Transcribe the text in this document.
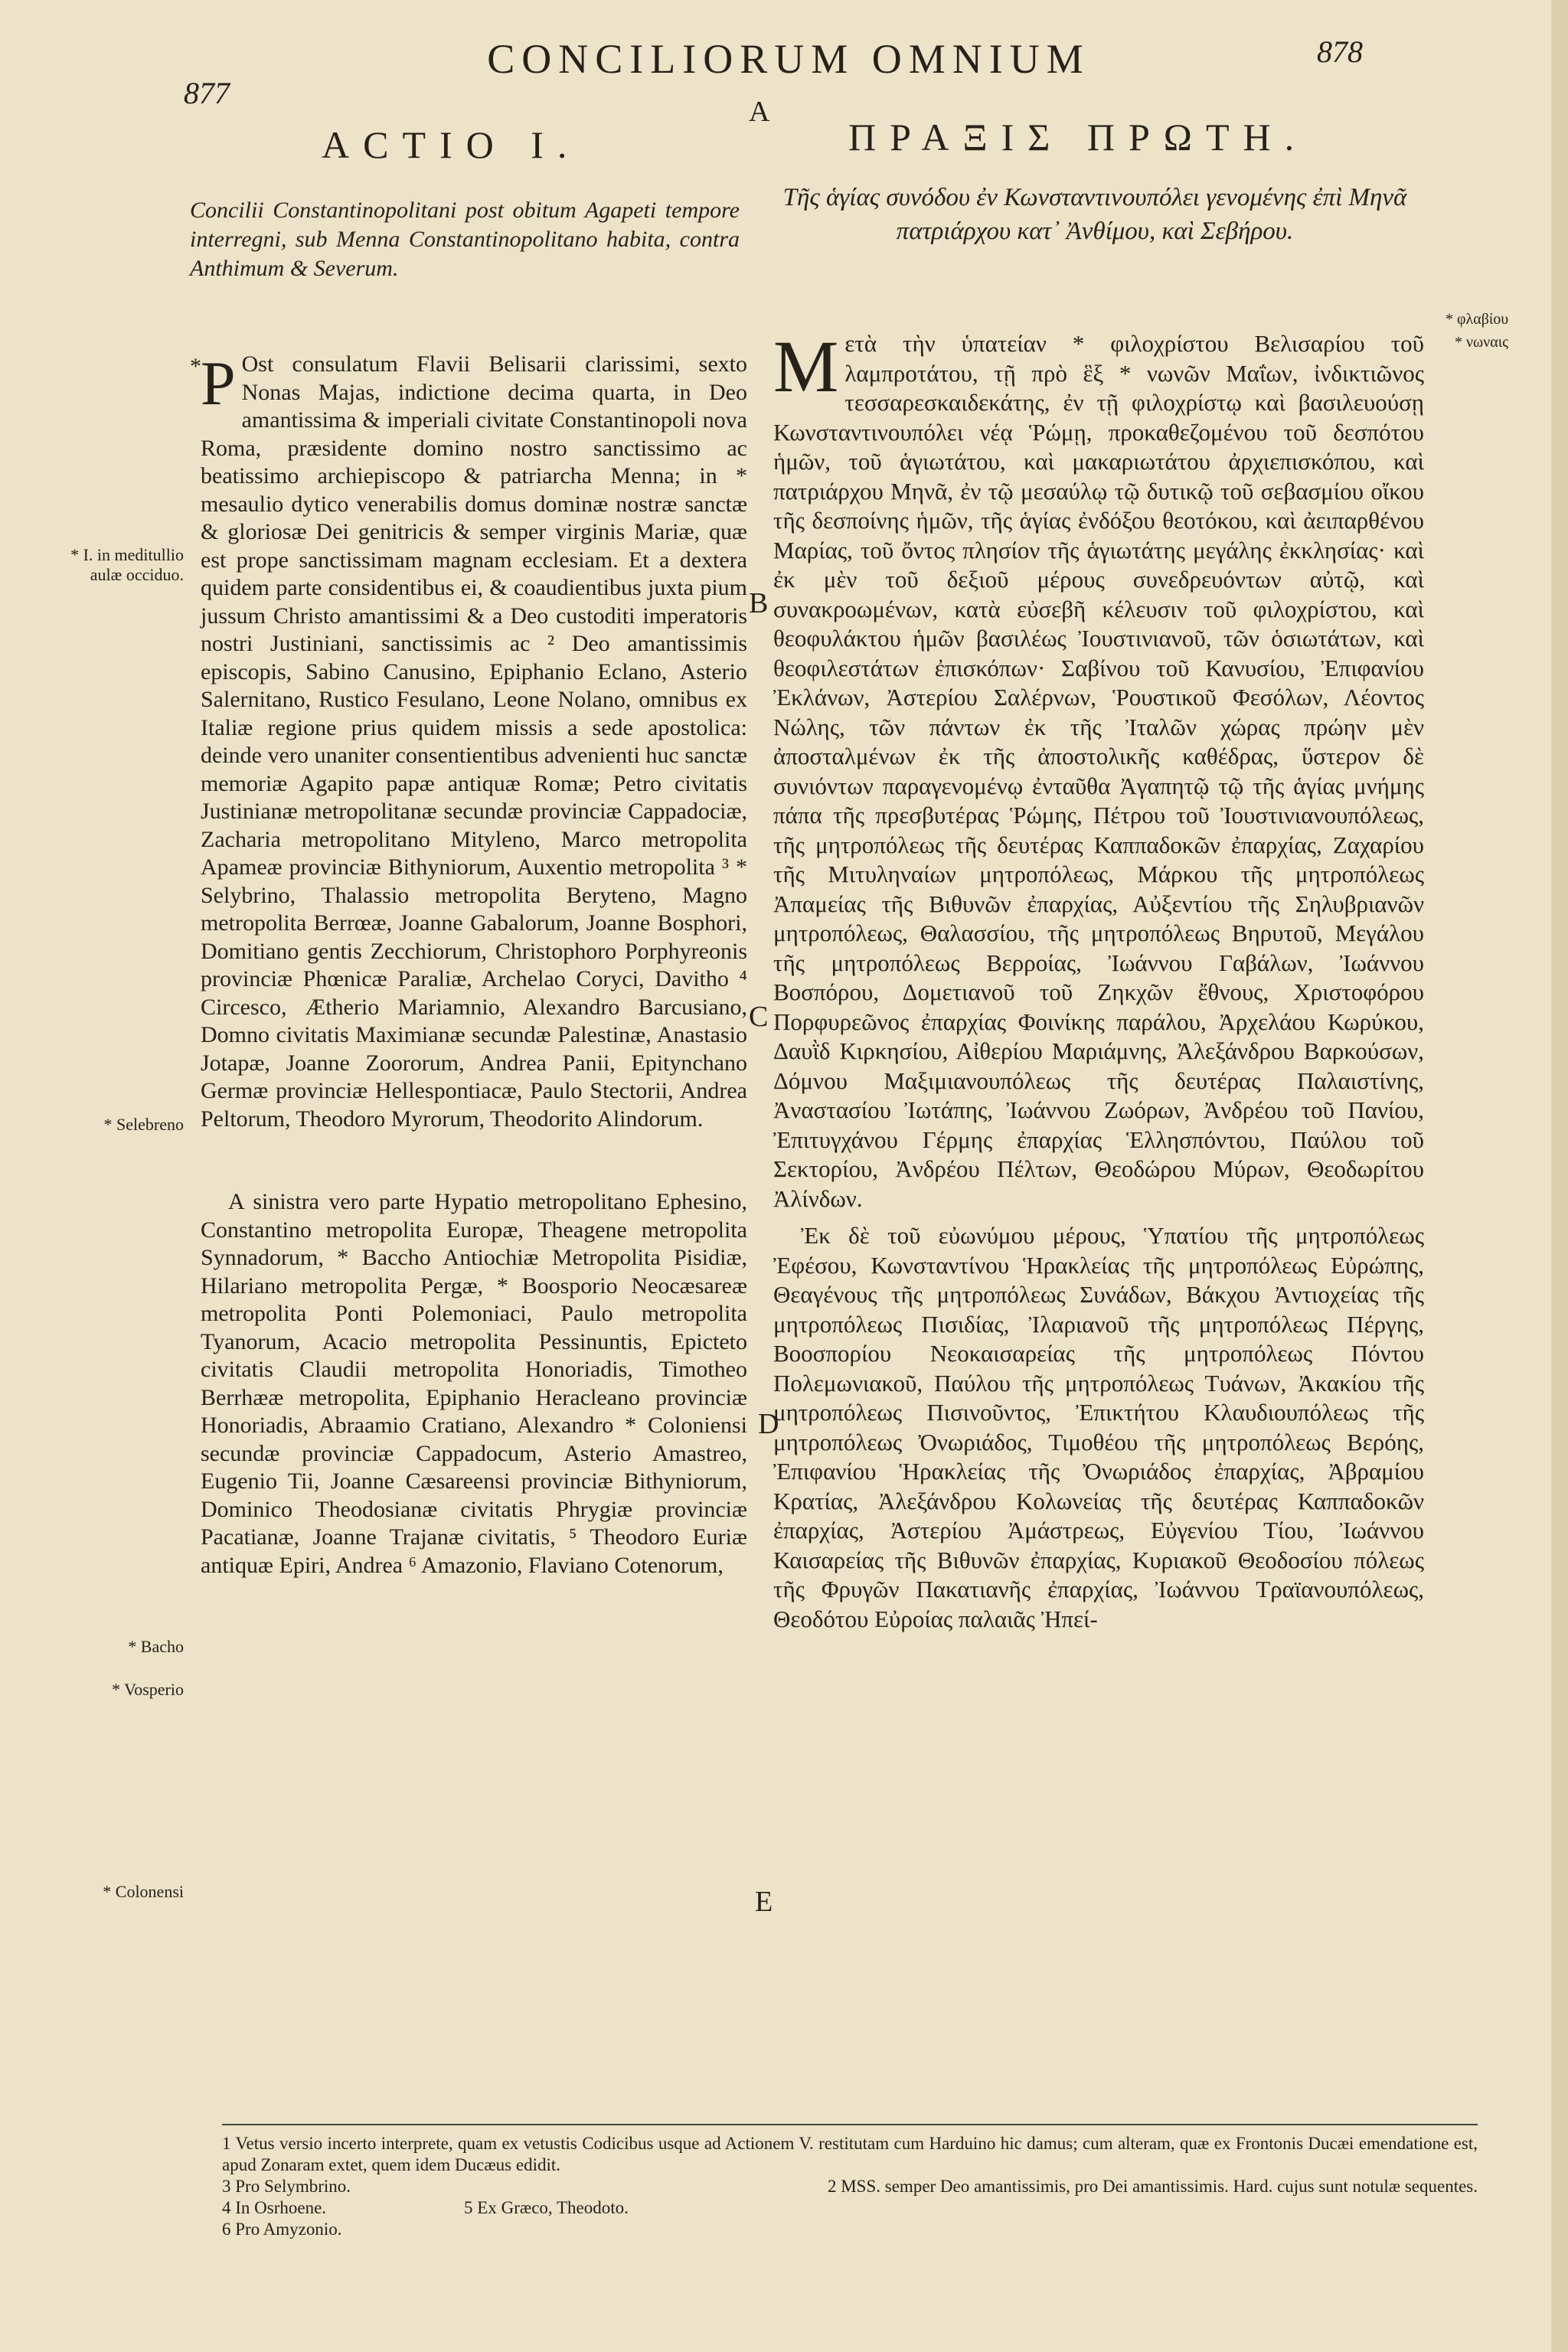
877
CONCILIORUM OMNIUM	878
A
ACTIO I.	ΠΡΑΞΙΣ ΠΡΩΤΗ.
Concilii Constantinopolitani post obitum Agapeti tempore interregni, sub Menna Constantinopolitano habita, contra Anthimum & Severum.
Τῆς ἁγίας συνόδου ἐν Κωνσταντινουπόλει γενομένης ἐπὶ Μηνᾶ πατριάρχου κατ᾽ Ἀνθίμου, καὶ Σεβήρου.
* P Ost consulatum Flavii Belisarii clarissimi, sexto Nonas Majas, indictione decima quarta, in Deo amantissima & imperiali civitate Constantinopoli nova Roma, præsidente domino nostro sanctissimo ac beatissimo archiepiscopo & patriarcha Menna; in * mesaulio dytico venerabilis domus dominæ nostræ sanctæ & gloriosæ Dei genitricis & semper virginis Mariæ, quæ est prope sanctissimam magnam ecclesiam. Et a dextera quidem parte considentibus ei, & coaudientibus juxta pium jussum Christo amantissimi & a Deo custoditi imperatoris nostri Justiniani, sanctissimis ac ² Deo amantissimis episcopis, Sabino Canusino, Epiphanio Eclano, Asterio Salernitano, Rustico Fesulano, Leone Nolano, omnibus ex Italiæ regione prius quidem missis a sede apostolica: deinde vero unaniter consentientibus advenienti huc sanctæ memoriæ Agapito papæ antiquæ Romæ; Petro civitatis Justinianæ metropolitanæ secundæ provinciæ Cappadociæ, Zacharia metropolitano Mityleno, Marco metropolita Apameæ provinciæ Bithyniorum, Auxentio metropolita ³ * Selybrino, Thalassio metropolita Beryteno, Magno metropolita Berrœæ, Joanne Gabalorum, Joanne Bosphori, Domitiano gentis Zecchiorum, Christophoro Porphyreonis provinciæ Phœnicæ Paraliæ, Archelao Coryci, Davitho ⁴ Circesco, Ætherio Mariamnio, Alexandro Barcusiano, Domno civitatis Maximianæ secundæ Palestinæ, Anastasio Jotapæ, Joanne Zoororum, Andrea Panii, Epitynchano Germæ provinciæ Hellespontiacæ, Paulo Stectorii, Andrea Peltorum, Theodoro Myrorum, Theodorito Alindorum.

A sinistra vero parte Hypatio metropolitano Ephesino, Constantino metropolita Europæ, Theagene metropolita Synnadorum, * Baccho Antiochiæ Metropolita Pisidiæ, Hilariano metropolita Pergæ, * Boosporio Neocæsareæ metropolita Ponti Polemoniaci, Paulo metropolita Tyanorum, Acacio metropolita Pessinuntis, Epicteto civitatis Claudii metropolita Honoriadis, Timotheo Berrhææ metropolita, Epiphanio Heracleano provinciæ Honoriadis, Abraamio Cratiano, Alexandro * Coloniensi secundæ provinciæ Cappadocum, Asterio Amastreo, Eugenio Tii, Joanne Cæsareensi provinciæ Bithyniorum, Dominico Theodosianæ civitatis Phrygiæ provinciæ Pacatianæ, Joanne Trajanæ civitatis, ⁵ Theodoro Euriæ antiquæ Epiri, Andrea ⁶ Amazonio, Flaviano Cotenorum,

Μετὰ τὴν ὑπατείαν * φιλοχρίστου Βελισαρίου τοῦ λαμπροτάτου, τῇ πρὸ ἓξ * νωνῶν Μαΐων, ἰνδικτιῶνος τεσσαρεσκαιδεκάτης, ἐν τῇ φιλοχρίστῳ καὶ βασιλευούσῃ Κωνσταντινουπόλει νέᾳ Ῥώμῃ, προκαθεζομένου τοῦ δεσπότου ἡμῶν, τοῦ ἁγιωτάτου, καὶ μακαριωτάτου ἀρχιεπισκόπου, καὶ πατριάρχου Μηνᾶ, ἐν τῷ μεσαύλῳ τῷ δυτικῷ τοῦ σεβασμίου οἴκου τῆς δεσποίνης ἡμῶν, τῆς ἁγίας ἐνδόξου θεοτόκου, καὶ ἀειπαρθένου Μαρίας, τοῦ ὄντος πλησίον τῆς ἁγιωτάτης μεγάλης ἐκκλησίας· καὶ ἐκ μὲν τοῦ δεξιοῦ μέρους συνεδρευόντων αὐτῷ, καὶ συνακροωμένων, κατὰ εὐσεβῆ κέλευσιν τοῦ φιλοχρίστου, καὶ θεοφυλάκτου ἡμῶν βασιλέως Ἰουστινιανοῦ, τῶν ὁσιωτάτων, καὶ θεοφιλεστάτων ἐπισκόπων· Σαβίνου τοῦ Κανυσίου, Ἐπιφανίου Ἐκλάνων, Ἀστερίου Σαλέρνων, Ῥουστικοῦ Φεσόλων, Λέοντος Νώλης, τῶν πάντων ἐκ τῆς Ἰταλῶν χώρας πρώην μὲν ἀποσταλμένων ἐκ τῆς ἀποστολικῆς καθέδρας, ὕστερον δὲ συνιόντων παραγενομένῳ ἐνταῦθα Ἀγαπητῷ τῷ τῆς ἁγίας μνήμης πάπα τῆς πρεσβυτέρας Ῥώμης, Πέτρου τοῦ Ἰουστινιανουπόλεως, τῆς μητροπόλεως τῆς δευτέρας Καππαδοκῶν ἐπαρχίας, Ζαχαρίου τῆς Μιτυληναίων μητροπόλεως, Μάρκου τῆς μητροπόλεως Ἀπαμείας τῆς Βιθυνῶν ἐπαρχίας, Αὐξεντίου τῆς Σηλυβριανῶν μητροπόλεως, Θαλασσίου, τῆς μητροπόλεως Βηρυτοῦ, Μεγάλου τῆς μητροπόλεως Βερροίας, Ἰωάννου Γαβάλων, Ἰωάννου Βοσπόρου, Δομετιανοῦ τοῦ Ζηκχῶν ἔθνους, Χριστοφόρου Πορφυρεῶνος ἐπαρχίας Φοινίκης παράλου, Ἀρχελάου Κωρύκου, Δαυῒδ Κιρκησίου, Αἰθερίου Μαριάμνης, Ἀλεξάνδρου Βαρκούσων, Δόμνου Μαξιμιανουπόλεως τῆς δευτέρας Παλαιστίνης, Ἀναστασίου Ἰωτάπης, Ἰωάννου Ζωόρων, Ἀνδρέου τοῦ Πανίου, Ἐπιτυγχάνου Γέρμης ἐπαρχίας Ἑλλησπόντου, Παύλου τοῦ Σεκτορίου, Ἀνδρέου Πέλτων, Θεοδώρου Μύρων, Θεοδωρίτου Ἀλίνδων.

Ἐκ δὲ τοῦ εὐωνύμου μέρους, Ὑπατίου τῆς μητροπόλεως Ἐφέσου, Κωνσταντίνου Ἡρακλείας τῆς μητροπόλεως Εὐρώπης, Θεαγένους τῆς μητροπόλεως Συνάδων, Βάκχου Ἀντιοχείας τῆς μητροπόλεως Πισιδίας, Ἰλαριανοῦ τῆς μητροπόλεως Πέργης, Βοοσπορίου Νεοκαισαρείας τῆς μητροπόλεως Πόντου Πολεμωνιακοῦ, Παύλου τῆς μητροπόλεως Τυάνων, Ἀκακίου τῆς μητροπόλεως Πισινοῦντος, Ἐπικτήτου Κλαυδιουπόλεως τῆς μητροπόλεως Ὀνωριάδος, Τιμοθέου τῆς μητροπόλεως Βερόης, Ἐπιφανίου Ἡρακλείας τῆς Ὀνωριάδος ἐπαρχίας, Ἀβραμίου Κρατίας, Ἀλεξάνδρου Κολωνείας τῆς δευτέρας Καππαδοκῶν ἐπαρχίας, Ἀστερίου Ἀμάστρεως, Εὐγενίου Τίου, Ἰωάννου Καισαρείας τῆς Βιθυνῶν ἐπαρχίας, Κυριακοῦ Θεοδοσίου πόλεως τῆς Φρυγῶν Πακατιανῆς ἐπαρχίας, Ἰωάννου Τραϊανουπόλεως, Θεοδότου Εὐροίας παλαιᾶς Ἠπεί-

B
C
D
E
* I. in meditullio aulæ occiduo.
* Selebreno
* Bacho
* Vosperio
* Colonensi
* φλαβίου
* νωναις
1 Vetus versio incerto interprete, quam ex vetustis Codicibus usque ad Actionem V. restitutam cum Harduino hic damus; cum alteram, quæ ex Frontonis Ducæi emendatione est, apud Zonaram extet, quem idem Ducæus edidit.
3 Pro Selymbrino.	2 MSS. semper Deo amantissimis, pro Dei amantissimis. Hard. cujus sunt notulæ sequentes.
4 In Osrhoene.	5 Ex Græco, Theodoto.
6 Pro Amyzonio.
